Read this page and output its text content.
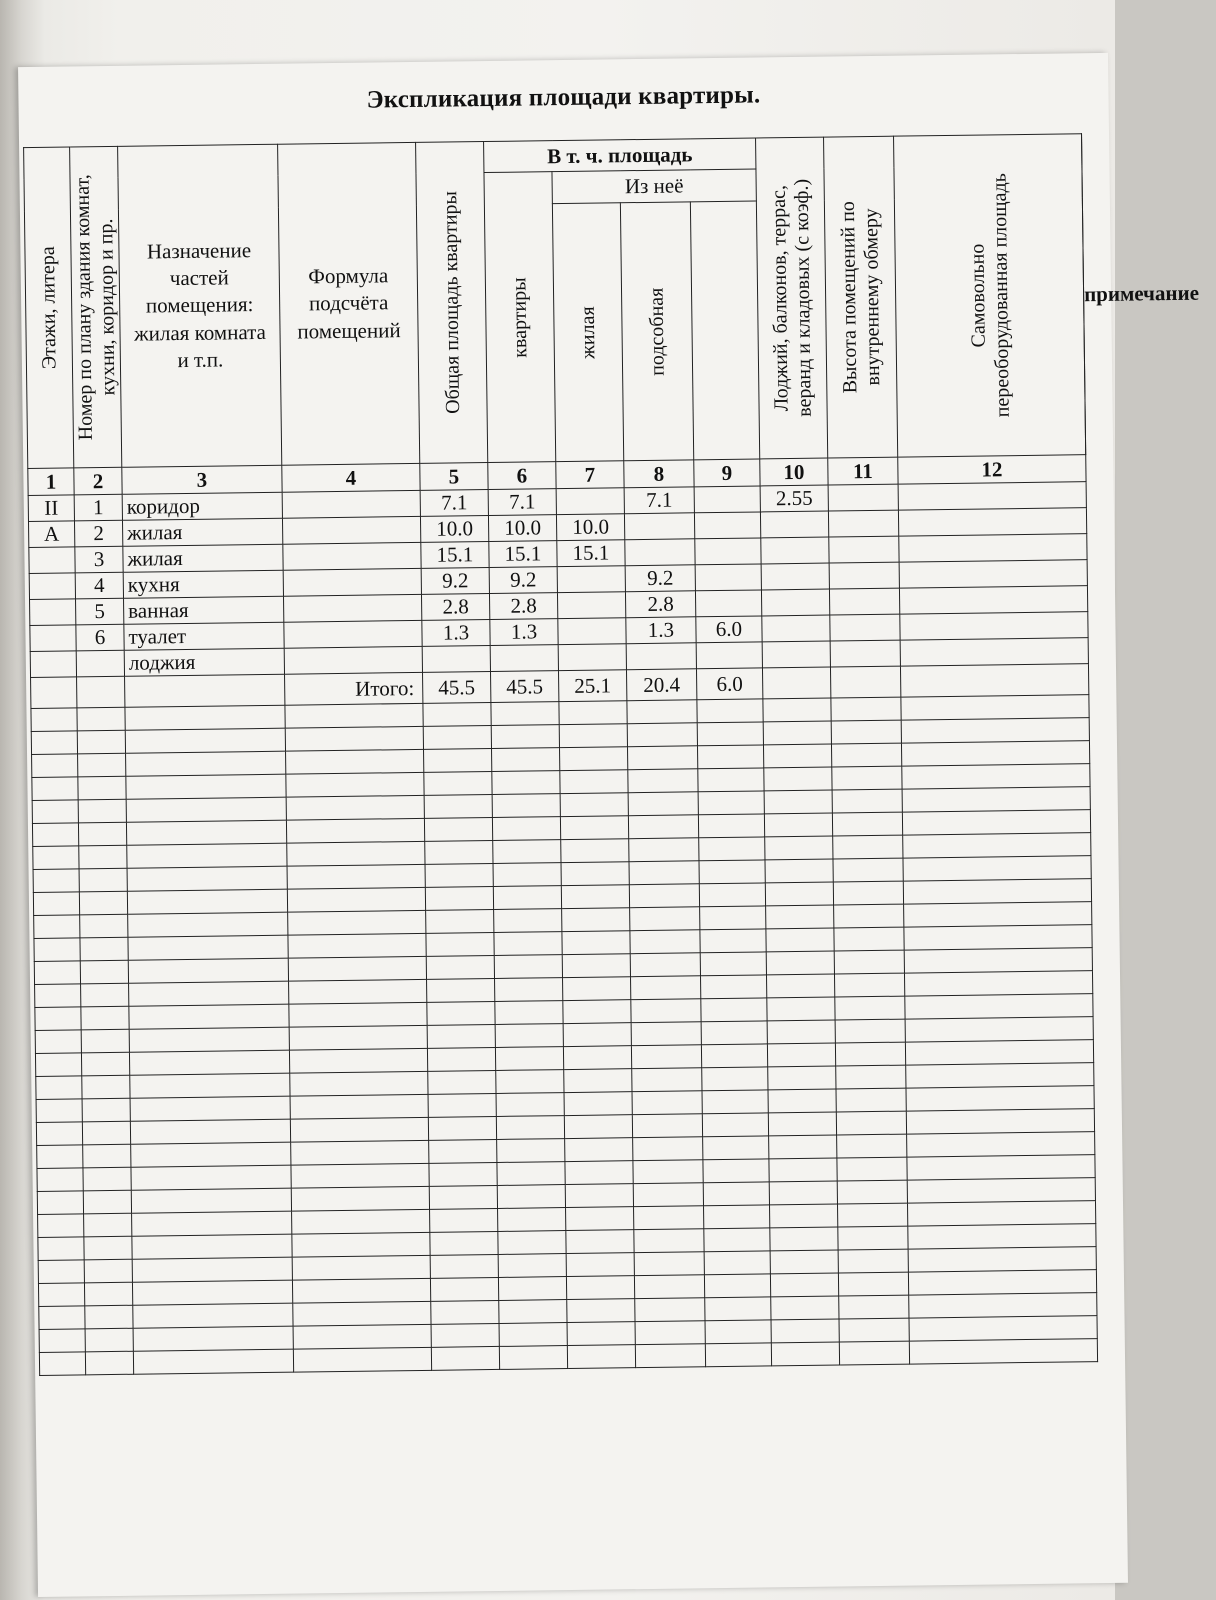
Экспликация площади квартиры.
Этажи, литера	Номер по плану здания комнат,
кухни, коридор и пр.	Назначение частей помещения: жилая комната и т.п.	Формула подсчёта помещений	Общая площадь квартиры	В т. ч. площадь				Лоджий, балконов, террас,
веранд и кладовых (с коэф.)	Высота помещений по
внутреннему обмеру	Самовольно
переоборудованная площадь	примечание

					квартиры	Из неё						

						жилая	подсобная					

1	2	3	4	5	6	7	8	9	10	11	12	
II	1	коридор		7.1	7.1		7.1		2.55			
А	2	жилая		10.0	10.0	10.0						
	3	жилая		15.1	15.1	15.1						
	4	кухня		9.2	9.2		9.2					
	5	ванная		2.8	2.8		2.8					
	6	туалет		1.3	1.3		1.3	6.0				
		лоджия										
			Итого:	45.5	45.5	25.1	20.4	6.0				
